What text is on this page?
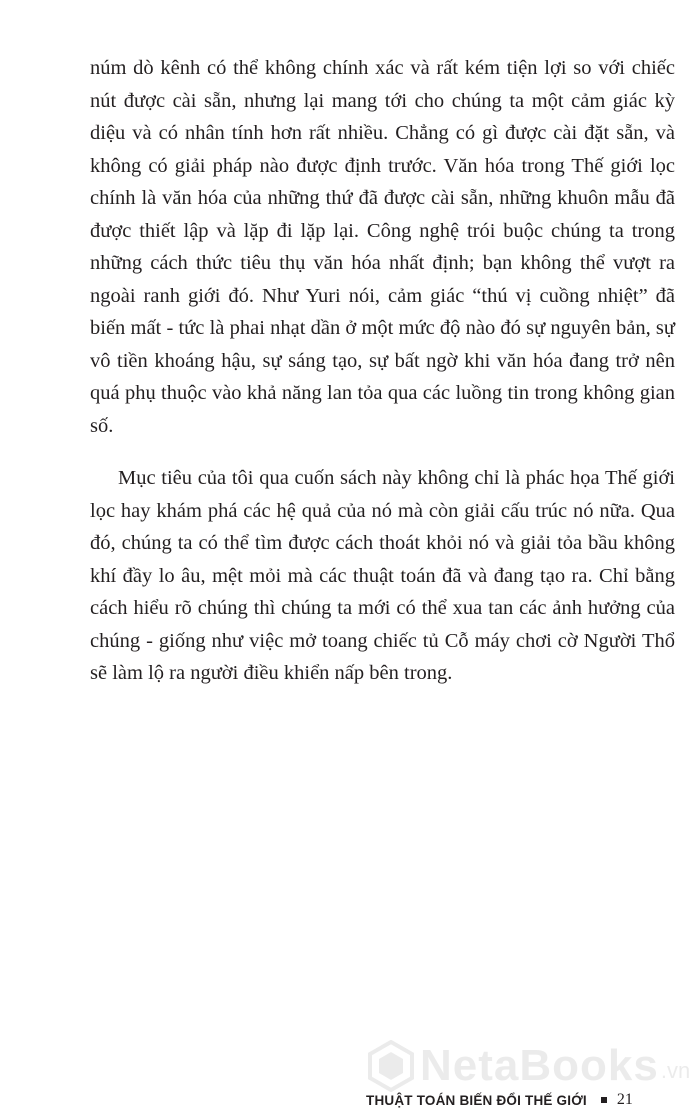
núm dò kênh có thể không chính xác và rất kém tiện lợi so với chiếc nút được cài sẵn, nhưng lại mang tới cho chúng ta một cảm giác kỳ diệu và có nhân tính hơn rất nhiều. Chẳng có gì được cài đặt sẵn, và không có giải pháp nào được định trước. Văn hóa trong Thế giới lọc chính là văn hóa của những thứ đã được cài sẵn, những khuôn mẫu đã được thiết lập và lặp đi lặp lại. Công nghệ trói buộc chúng ta trong những cách thức tiêu thụ văn hóa nhất định; bạn không thể vượt ra ngoài ranh giới đó. Như Yuri nói, cảm giác “thú vị cuồng nhiệt” đã biến mất - tức là phai nhạt dần ở một mức độ nào đó sự nguyên bản, sự vô tiền khoáng hậu, sự sáng tạo, sự bất ngờ khi văn hóa đang trở nên quá phụ thuộc vào khả năng lan tỏa qua các luồng tin trong không gian số.

Mục tiêu của tôi qua cuốn sách này không chỉ là phác họa Thế giới lọc hay khám phá các hệ quả của nó mà còn giải cấu trúc nó nữa. Qua đó, chúng ta có thể tìm được cách thoát khỏi nó và giải tỏa bầu không khí đầy lo âu, mệt mỏi mà các thuật toán đã và đang tạo ra. Chỉ bằng cách hiểu rõ chúng thì chúng ta mới có thể xua tan các ảnh hưởng của chúng - giống như việc mở toang chiếc tủ Cỗ máy chơi cờ Người Thổ sẽ làm lộ ra người điều khiển nấp bên trong.

NetaBooks .vn
THUẬT TOÁN BIẾN ĐỔI THẾ GIỚI 21
